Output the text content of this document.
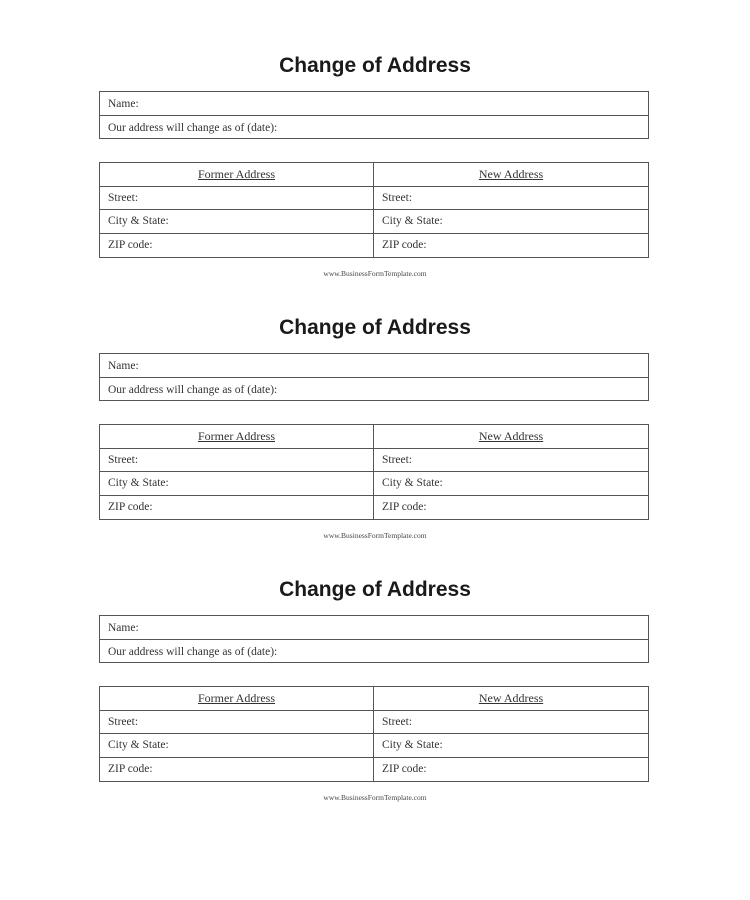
Change of Address
Name:
Our address will change as of (date):
Former Address
Street:
City & State:
ZIP code:
New Address
Street:
City & State:
ZIP code:
www.BusinessFormTemplate.com
Change of Address
Name:
Our address will change as of (date):
Former Address
Street:
City & State:
ZIP code:
New Address
Street:
City & State:
ZIP code:
www.BusinessFormTemplate.com
Change of Address
Name:
Our address will change as of (date):
Former Address
Street:
City & State:
ZIP code:
New Address
Street:
City & State:
ZIP code:
www.BusinessFormTemplate.com
